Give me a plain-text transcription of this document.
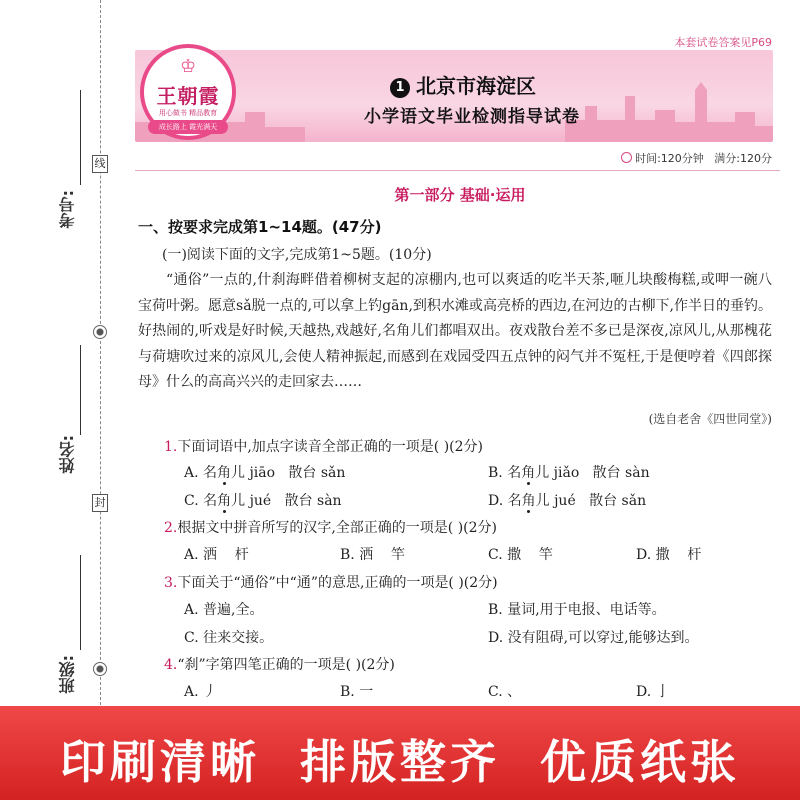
线
封
考号:
姓名:
班级:
本套试卷答案见P69
♔
王朝霞
用心做书 精品教育
成长路上 霞光满天
1 北京市海淀区
小学语文毕业检测指导试卷
时间:120分钟 满分:120分
第一部分 基础·运用
一、按要求完成第1~14题。(47分)
(一)阅读下面的文字,完成第1~5题。(10分)
“通俗”一点的,什刹海畔借着柳树支起的凉棚内,也可以爽适的吃半天茶,咂儿块酸梅糕,或呷一碗八宝荷叶粥。愿意sǎ脱一点的,可以拿上钓gān,到积水滩或高亮桥的西边,在河边的古柳下,作半日的垂钓。好热闹的,听戏是好时候,天越热,戏越好,名角儿们都唱双出。夜戏散台差不多已是深夜,凉风儿,从那槐花与荷塘吹过来的凉风儿,会使人精神振起,而感到在戏园受四五点钟的闷气并不冤枉,于是便哼着《四郎探母》什么的高高兴兴的走回家去……
(选自老舍《四世同堂》)
1.下面词语中,加点字读音全部正确的一项是( )(2分)
A. 名角儿 jiāo   散台 sǎn	B. 名角儿 jiǎo   散台 sàn
C. 名角儿 jué   散台 sàn	D. 名角儿 jué   散台 sǎn
2.根据文中拼音所写的汉字,全部正确的一项是( )(2分)
A. 洒    杆	B. 洒    竿	C. 撒    竿	D. 撒    杆
3.下面关于“通俗”中“通”的意思,正确的一项是( )(2分)
A. 普遍,全。	B. 量词,用于电报、电话等。
C. 往来交接。	D. 没有阻碍,可以穿过,能够达到。
4.“刹”字第四笔正确的一项是( )(2分)
A. 丿	B. 一	C. 、	D. 亅
印刷清晰  排版整齐  优质纸张
